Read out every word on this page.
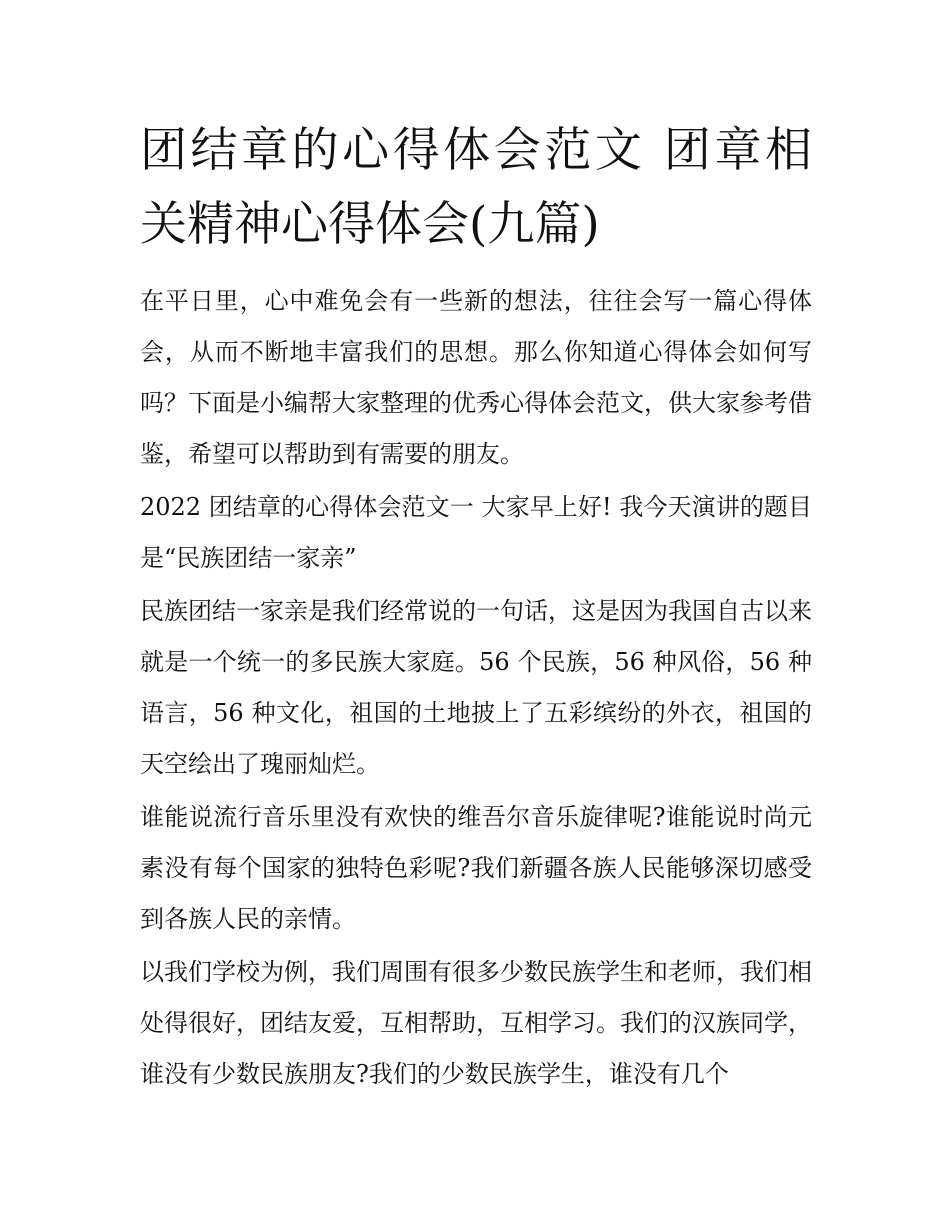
团结章的心得体会范文 团章相关精神心得体会(九篇)

在平日里，心中难免会有一些新的想法，往往会写一篇心得体会，从而不断地丰富我们的思想。那么你知道心得体会如何写吗？下面是小编帮大家整理的优秀心得体会范文，供大家参考借鉴，希望可以帮助到有需要的朋友。

2022 团结章的心得体会范文一 大家早上好! 我今天演讲的题目是“民族团结一家亲”

民族团结一家亲是我们经常说的一句话，这是因为我国自古以来就是一个统一的多民族大家庭。56 个民族，56 种风俗，56 种语言，56 种文化，祖国的土地披上了五彩缤纷的外衣，祖国的天空绘出了瑰丽灿烂。

谁能说流行音乐里没有欢快的维吾尔音乐旋律呢?谁能说时尚元素没有每个国家的独特色彩呢?我们新疆各族人民能够深切感受到各族人民的亲情。

以我们学校为例，我们周围有很多少数民族学生和老师，我们相处得很好，团结友爱，互相帮助，互相学习。我们的汉族同学，谁没有少数民族朋友?我们的少数民族学生，谁没有几个
